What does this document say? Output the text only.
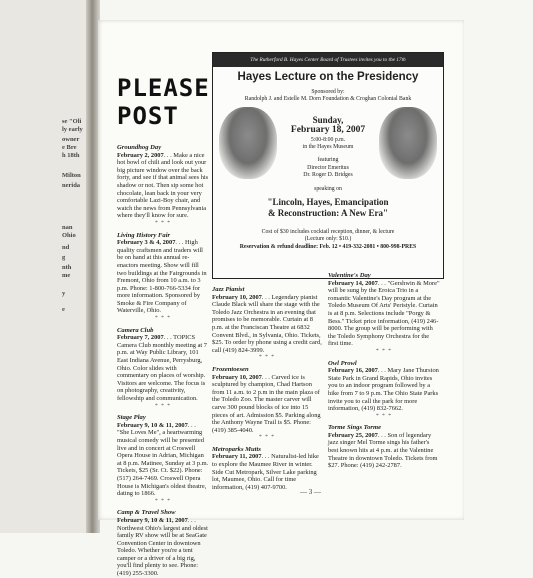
se "Oli
ly early
owner
e Bre
h 18th
Milton
nerida
nan
Ohio
nd
g
nth
me
y
e
PLEASE
POST
Groundhog Day

February 2, 2007. . . Make a nice hot bowl of chili and look out your big picture window over the back forty, and see if that animal sees his shadow or not. Then sip some hot chocolate, lean back in your very comfortable Lazi-Boy chair, and watch the news from Pennsylvania where they'll know for sure.

* * *
Living History Fair

February 3 & 4, 2007. . . High quality craftsmen and traders will be on hand at this annual re-enactors meeting. Show will fill two buildings at the Fairgrounds in Fremont, Ohio from 10 a.m. to 3 p.m. Phone: 1-800-766-5334 for more information. Sponsored by Smoke & Fire Company of Waterville, Ohio.

* * *
Camera Club

February 7, 2007. . . TOPICS Camera Club monthly meeting at 7 p.m. at Way Public Library, 101 East Indiana Avenue, Perrysburg, Ohio. Color slides with commentary on places of worship. Visitors are welcome. The focus is on photography, creativity, fellowship and communication.

* * *
Stage Play

February 9, 10 & 11, 2007. . . "She Loves Me", a heartwarming musical comedy will be presented live and in concert at Croswell Opera House in Adrian, Michigan at 8 p.m. Matinee, Sunday at 3 p.m. Tickets, $25 (Sr. Ct. $22). Phone: (517) 264-7469. Croswell Opera House is Michigan's oldest theatre, dating to 1866.

* * *
Camp & Travel Show

February 9, 10 & 11, 2007. . . Northwest Ohio's largest and oldest family RV show will be at SeaGate Convention Center in downtown Toledo. Whether you're a tent camper or a driver of a big rig, you'll find plenty to see. Phone: (419) 255-3300.

The Rutherford B. Hayes Center Board of Trustees invites you to the 17th
Hayes Lecture on the Presidency
Sponsored by:
Randolph J. and Estelle M. Dorn Foundation & Croghan Colonial Bank
Sunday,
February 18, 2007
5:00-8:00 p.m.
in the Hayes Museum
featuring
Director Emeritus
Dr. Roger D. Bridges
speaking on
"Lincoln, Hayes, Emancipation
& Reconstruction: A New Era"
Cost of $30 includes cocktail reception, dinner, & lecture
(Lecture only: $10.)
Reservation & refund deadline: Feb. 12 • 419-332-2081 • 800-998-PRES
Jazz Pianist

February 10, 2007. . . Legendary pianist Claude Black will share the stage with the Toledo Jazz Orchestra in an evening that promises to be memorable. Curtain at 8 p.m. at the Franciscan Theatre at 6832 Convent Blvd., in Sylvania, Ohio. Tickets, $25. To order by phone using a credit card, call (419) 824-3999.

* * *
Frozentoesen

February 10, 2007. . . Carved ice is sculptured by champion, Chad Hartson from 11 a.m. to 2 p.m in the main plaza of the Toledo Zoo. The master carver will carve 300 pound blocks of ice into 15 pieces of art. Admission $5. Parking along the Anthony Wayne Trail is $5. Phone: (419) 385-4040.

* * *
Metroparks Mutts

February 11, 2007. . . Naturalist-led hike to explore the Maumee River in winter. Side Cut Metropark, Silver Lake parking lot, Maumee, Ohio. Call for time information, (419) 407-9700.

Valentine's Day

February 14, 2007. . . "Gershwin & More" will be sung by the Eroica Trio in a romantic Valentine's Day program at the Toledo Museum Of Arts' Peristyle. Curtain is at 8 p.m. Selections include "Porgy & Bess." Ticket price information, (419) 246-8000. The group will be performing with the Toledo Symphony Orchestra for the first time.

* * *
Owl Prowl

February 16, 2007. . . Mary Jane Thurston State Park in Grand Rapids, Ohio invites you to an indoor program followed by a hike from 7 to 9 p.m. The Ohio State Parks invite you to call the park for more information, (419) 832-7662.

* * *
Torme Sings Torme

February 25, 2007. . . Son of legendary jazz singer Mel Torme sings his father's best known hits at 4 p.m. at the Valentine Theatre in downtown Toledo. Tickets from $27. Phone: (419) 242-2787.

— 3 —
